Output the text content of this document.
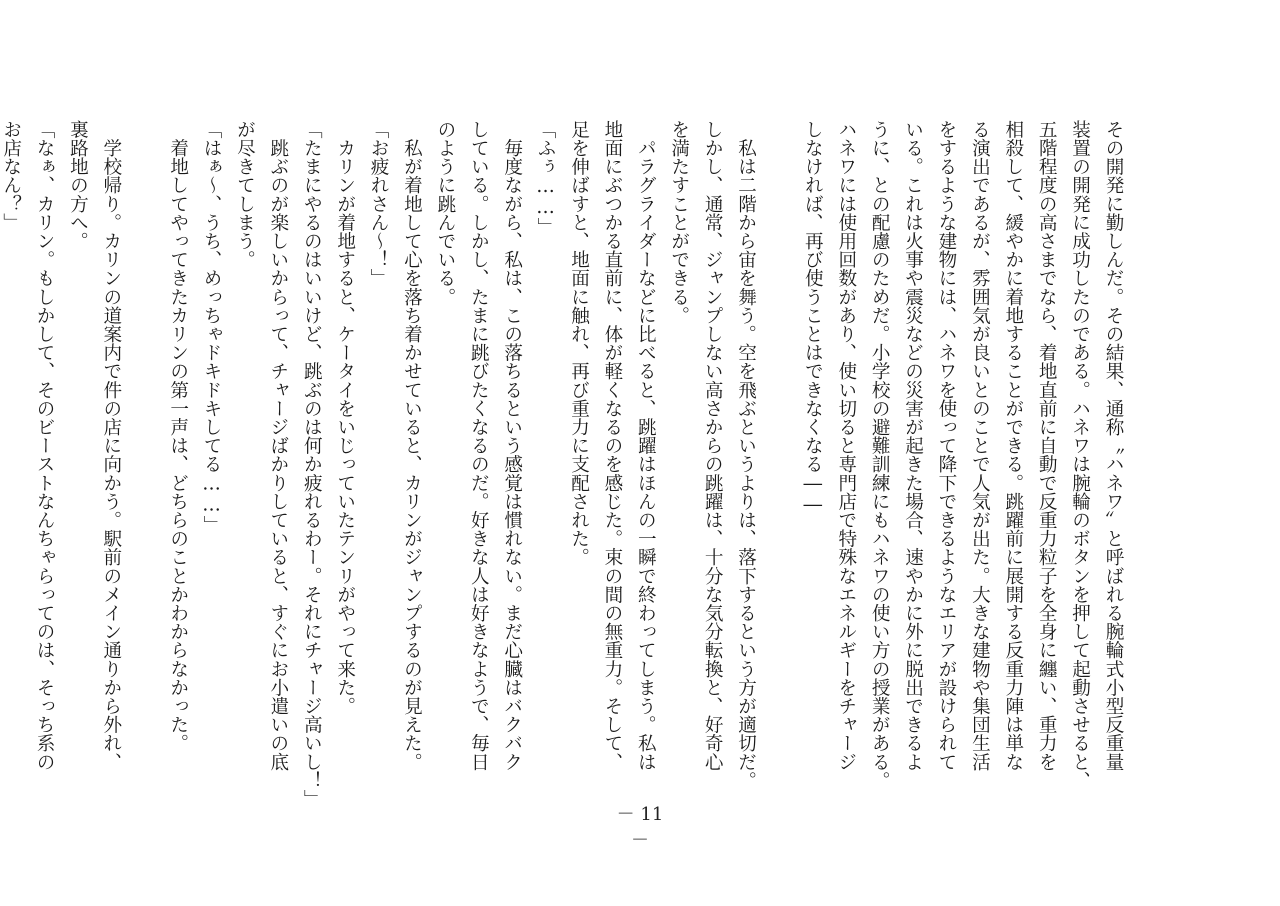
その開発に勤しんだ。その結果、通称〝ハネワ〟と呼ばれる腕輪式小型反重量
装置の開発に成功したのである。ハネワは腕輪のボタンを押して起動させると、
五階程度の高さまでなら、着地直前に自動で反重力粒子を全身に纏い、重力を
相殺して、緩やかに着地することができる。跳躍前に展開する反重力陣は単な
る演出であるが、雰囲気が良いとのことで人気が出た。大きな建物や集団生活
をするような建物には、ハネワを使って降下できるようなエリアが設けられて
いる。これは火事や震災などの災害が起きた場合、速やかに外に脱出できるよ
うに、との配慮のためだ。小学校の避難訓練にもハネワの使い方の授業がある。
ハネワには使用回数があり、使い切ると専門店で特殊なエネルギーをチャージ
しなければ、再び使うことはできなくなる――
　私は二階から宙を舞う。空を飛ぶというよりは、落下するという方が適切だ。
しかし、通常、ジャンプしない高さからの跳躍は、十分な気分転換と、好奇心
を満たすことができる。
　パラグライダーなどに比べると、跳躍はほんの一瞬で終わってしまう。私は
地面にぶつかる直前に、体が軽くなるのを感じた。束の間の無重力。そして、
足を伸ばすと、地面に触れ、再び重力に支配された。
「ふぅ……」
　毎度ながら、私は、この落ちるという感覚は慣れない。まだ心臓はバクバク
している。しかし、たまに跳びたくなるのだ。好きな人は好きなようで、毎日
のように跳んでいる。
　私が着地して心を落ち着かせていると、カリンがジャンプするのが見えた。
「お疲れさん～！」
　カリンが着地すると、ケータイをいじっていたテンリがやって来た。
「たまにやるのはいいけど、跳ぶのは何か疲れるわー。それにチャージ高いし！」
　跳ぶのが楽しいからって、チャージばかりしていると、すぐにお小遣いの底
が尽きてしまう。
「はぁ～、うち、めっちゃドキドキしてる……」
　着地してやってきたカリンの第一声は、どちらのことかわからなかった。
　学校帰り。カリンの道案内で件の店に向かう。駅前のメイン通りから外れ、
裏路地の方へ。
「なぁ、カリン。もしかして、そのビーストなんちゃらってのは、そっち系の
お店なん？」
－ 11 －
